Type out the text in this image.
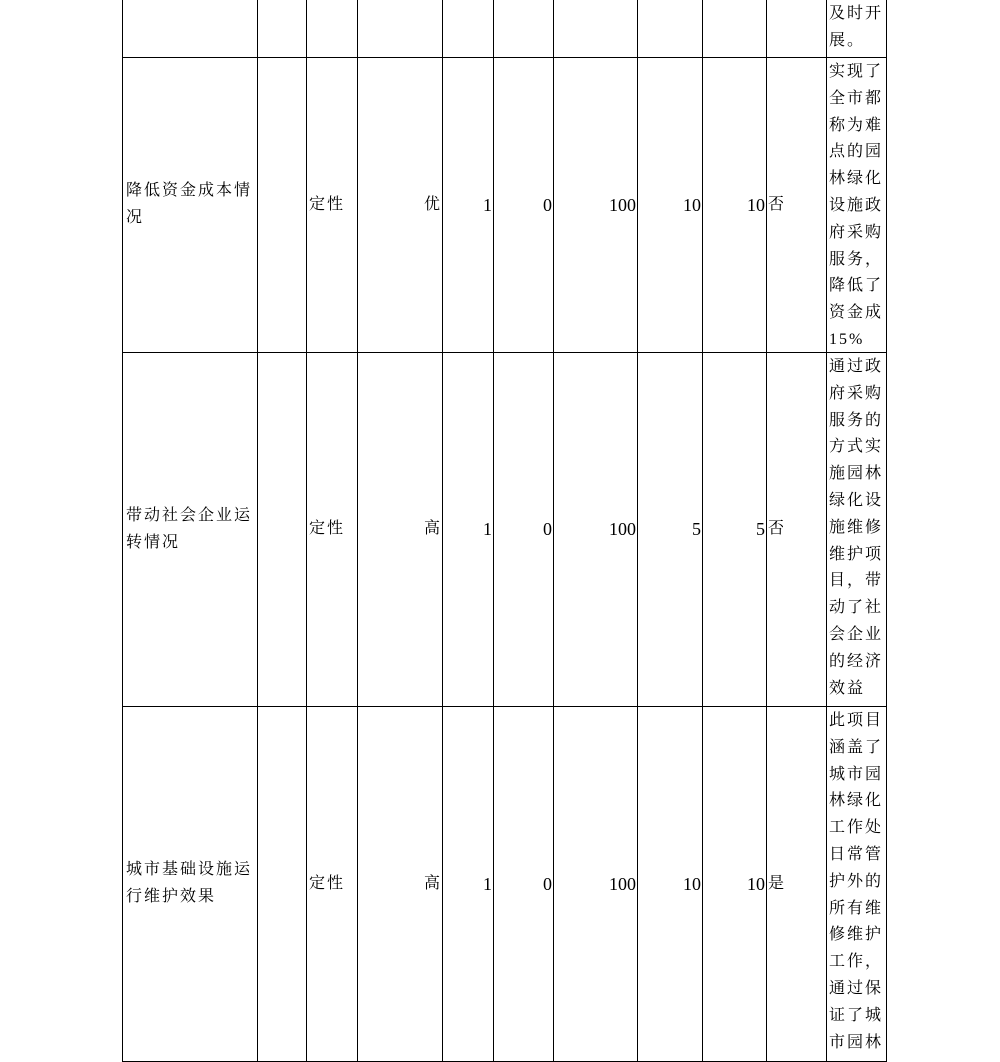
										及时开展。

降低资金成本情况		定性	优	1	0	100	10	10	否	实现了全市都称为难点的园林绿化设施政府采购服务，降低了资金成15%

带动社会企业运转情况		定性	高	1	0	100	5	5	否	通过政府采购服务的方式实施园林绿化设施维修维护项目，带动了社会企业的经济效益

城市基础设施运行维护效果		定性	高	1	0	100	10	10	是	此项目涵盖了城市园林绿化工作处日常管护外的所有维修维护工作，通过保证了城市园林
